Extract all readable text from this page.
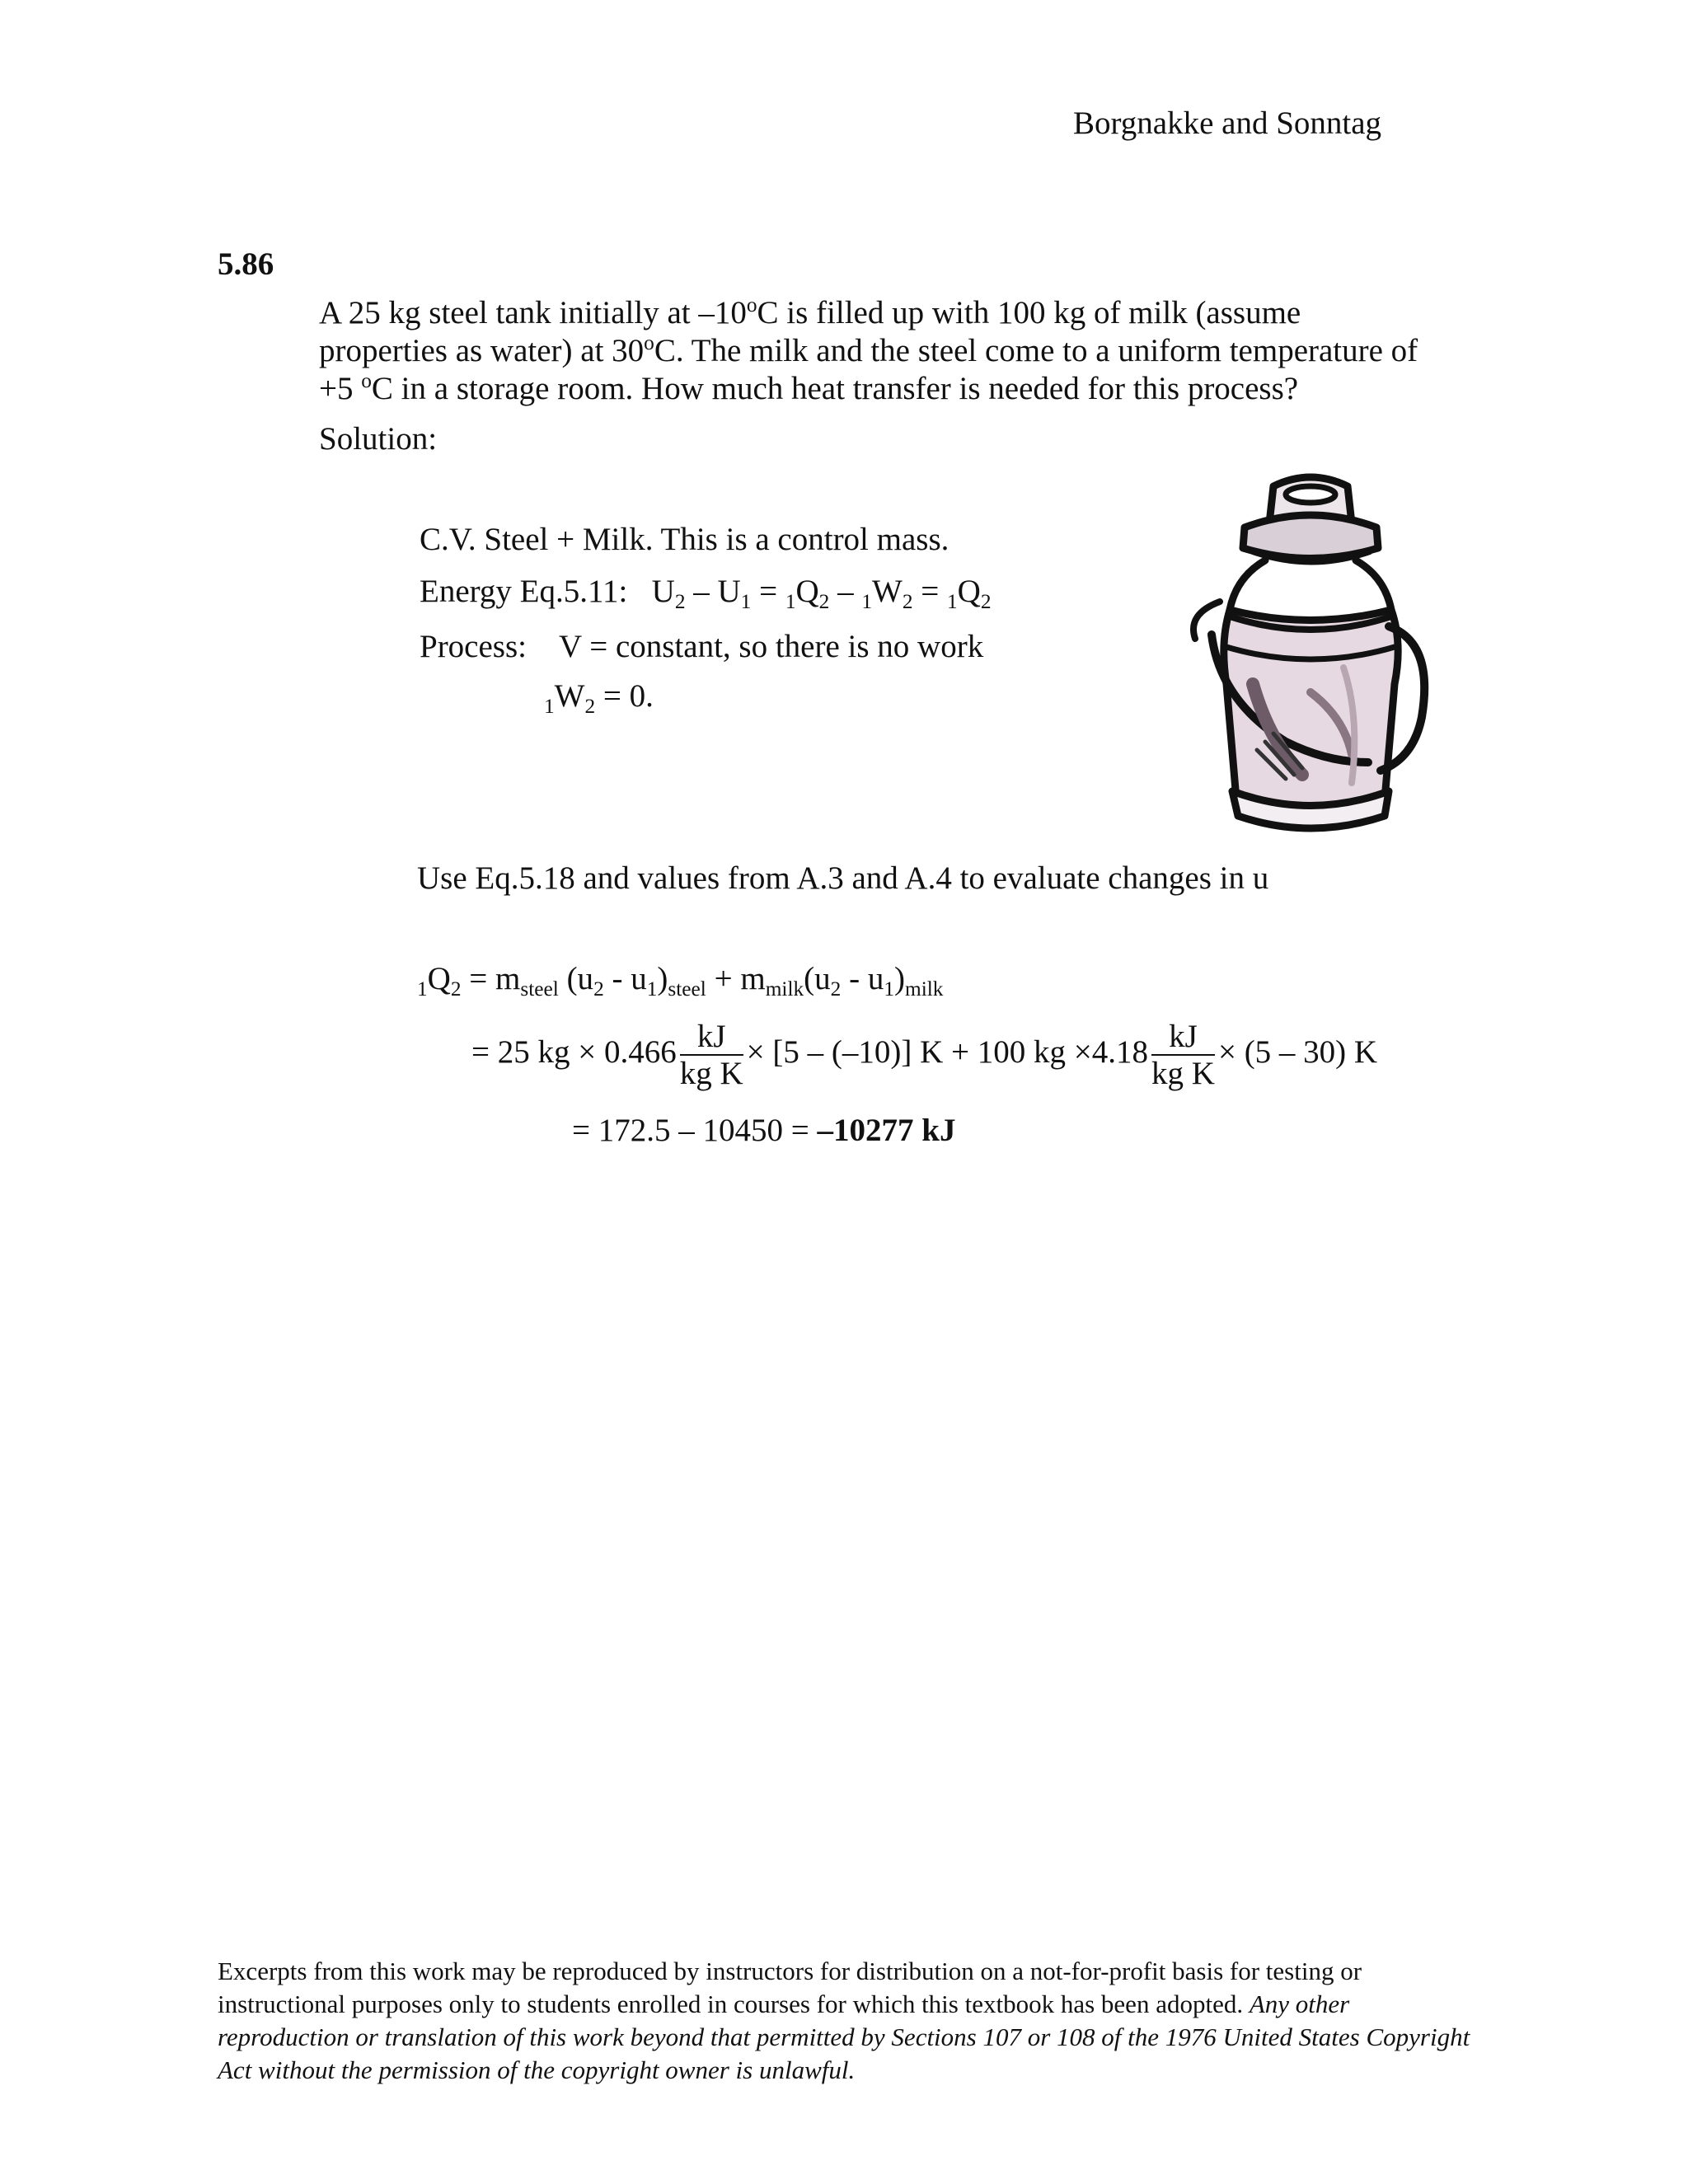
Borgnakke and Sonntag
5.86
A 25 kg steel tank initially at –10$^o$C is filled up with 100 kg of milk (assume
properties as water) at 30$^o$C. The milk and the steel come to a uniform temperature of
+5 $^o$C in a storage room. How much heat transfer is needed for this process?
Solution:
C.V. Steel + Milk. This is a control mass.
Energy Eq.5.11: $U_2 - U_1 = _1Q_2 - _1W_2 = _1Q_2$
Process: V = constant, so there is no work
$_1W_2 = 0$.
Use Eq.5.18 and values from A.3 and A.4 to evaluate changes in u
$_1Q_2 = m_{steel}$ $(u_2 - u_1)_{steel} + m_{milk}(u_2 - u_1)_{milk}$
= 25 kg × $0.466 \frac{kJ}{\text{kg K}} \times [5 - (-10)] K + 100$ kg $\times 4.18 \frac{kJ}{\text{kg K}} \times (5 - 30)$ K
= 172.5 – 10450 = –10277 kJ
Excerpts from this work may be reproduced by instructors for distribution on a not-for-profit basis for testing or instructional purposes only to students enrolled in courses for which this textbook has been adopted. Any other reproduction or translation of this work beyond that permitted by Sections 107 or 108 of the 1976 United States Copyright Act without the permission of the copyright owner is unlawful.
